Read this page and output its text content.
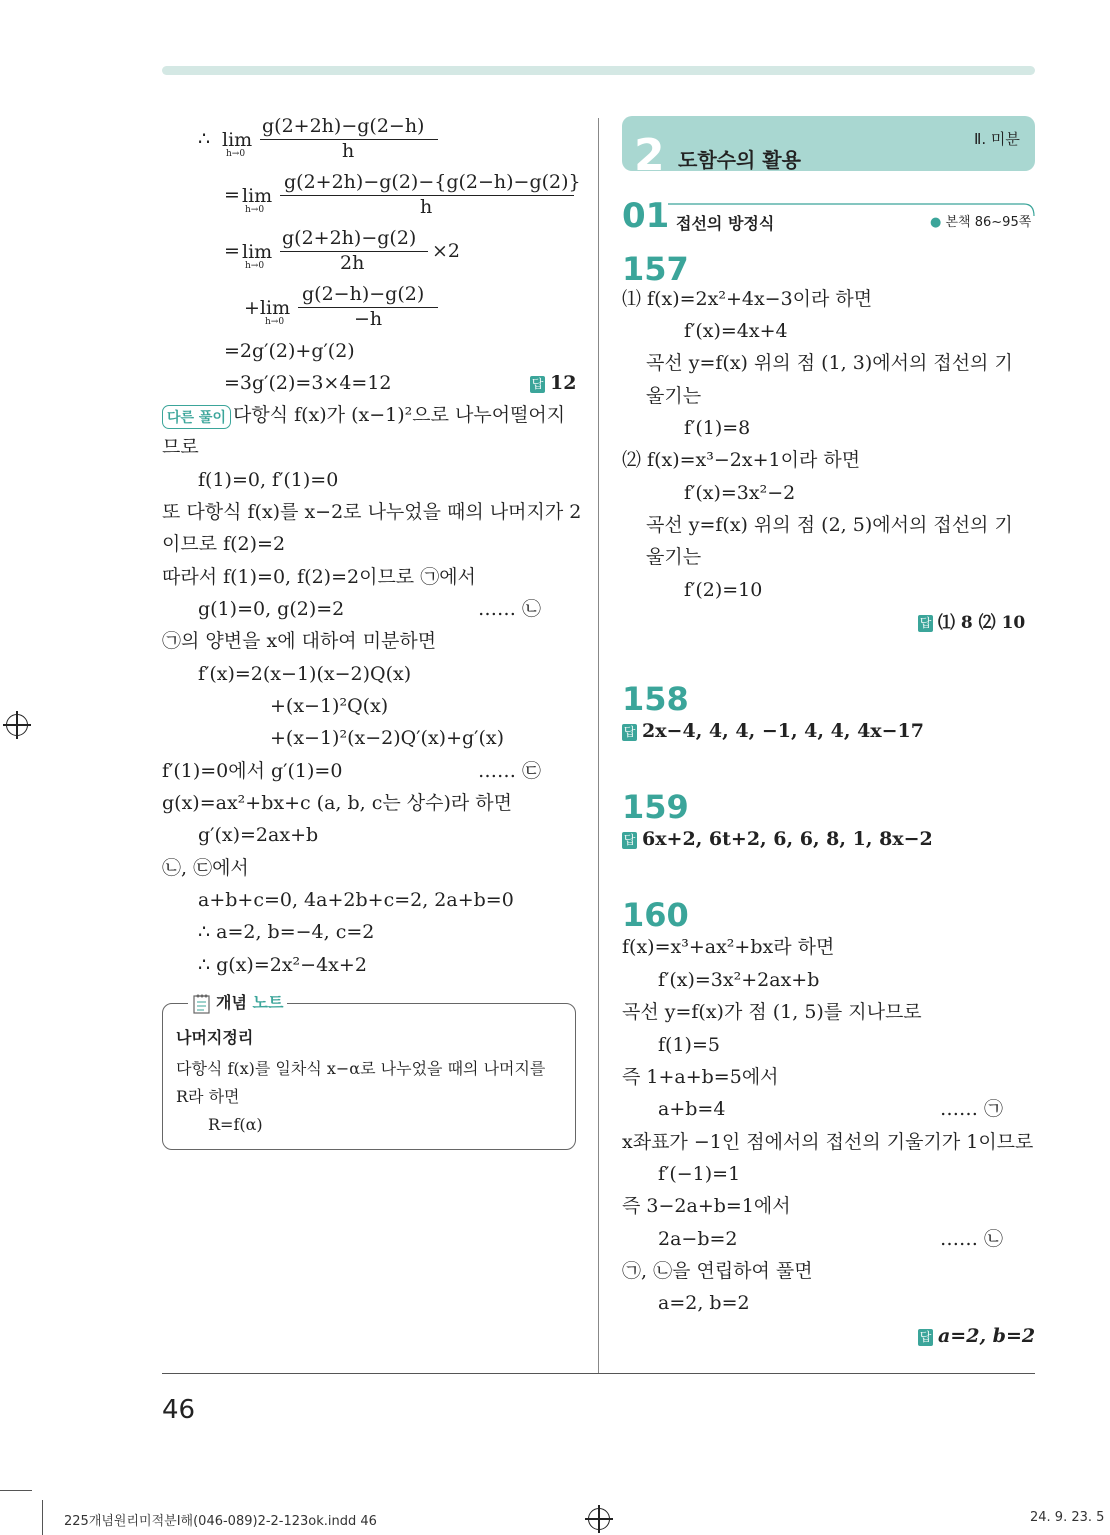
∴ lim
h→0
g(2+2h)−g(2−h)
h
= lim
h→0
g(2+2h)−g(2)−{g(2−h)−g(2)}
h
= lim
h→0
g(2+2h)−g(2)
2h
×2
+lim
h→0
g(2−h)−g(2)
−h
=2g′(2)+g′(2)
=3g′(2)=3×4=12	답 12
다른 풀이 다항식 f(x)가 (x−1)²으로 나누어떨어지
므로
f(1)=0, f′(1)=0
또 다항식 f(x)를 x−2로 나누었을 때의 나머지가 2
이므로 f(2)=2
따라서 f(1)=0, f(2)=2이므로 ㉠에서
g(1)=0, g(2)=2	…… ㉡
㉠의 양변을 x에 대하여 미분하면
f′(x)=2(x−1)(x−2)Q(x)
+(x−1)²Q(x)
+(x−1)²(x−2)Q′(x)+g′(x)
f′(1)=0에서 g′(1)=0	…… ㉢
g(x)=ax²+bx+c (a, b, c는 상수)라 하면
g′(x)=2ax+b
㉡, ㉢에서
a+b+c=0, 4a+2b+c=2, 2a+b=0
∴ a=2, b=−4, c=2
∴ g(x)=2x²−4x+2
개념 노트
나머지정리
다항식 f(x)를 일차식 x−α로 나누었을 때의 나머지를
R라 하면
R=f(α)
2 도함수의 활용
Ⅱ. 미분
01 접선의 방정식	● 본책 86~95쪽
157
⑴ f(x)=2x²+4x−3이라 하면
f′(x)=4x+4
곡선 y=f(x) 위의 점 (1, 3)에서의 접선의 기
울기는
f′(1)=8
⑵ f(x)=x³−2x+1이라 하면
f′(x)=3x²−2
곡선 y=f(x) 위의 점 (2, 5)에서의 접선의 기
울기는
f′(2)=10
답 ⑴ 8 ⑵ 10
158
답 2x−4, 4, 4, −1, 4, 4, 4x−17
159
답 6x+2, 6t+2, 6, 6, 8, 1, 8x−2
160
f(x)=x³+ax²+bx라 하면
f′(x)=3x²+2ax+b
곡선 y=f(x)가 점 (1, 5)를 지나므로
f(1)=5
즉 1+a+b=5에서
a+b=4	…… ㉠
x좌표가 −1인 점에서의 접선의 기울기가 1이므로
f′(−1)=1
즉 3−2a+b=1에서
2a−b=2	…… ㉡
㉠, ㉡을 연립하여 풀면
a=2, b=2
답 a=2, b=2
46
225개념원리미적분Ⅰ해(046-089)2-2-123ok.indd 46	24. 9. 23. 5
